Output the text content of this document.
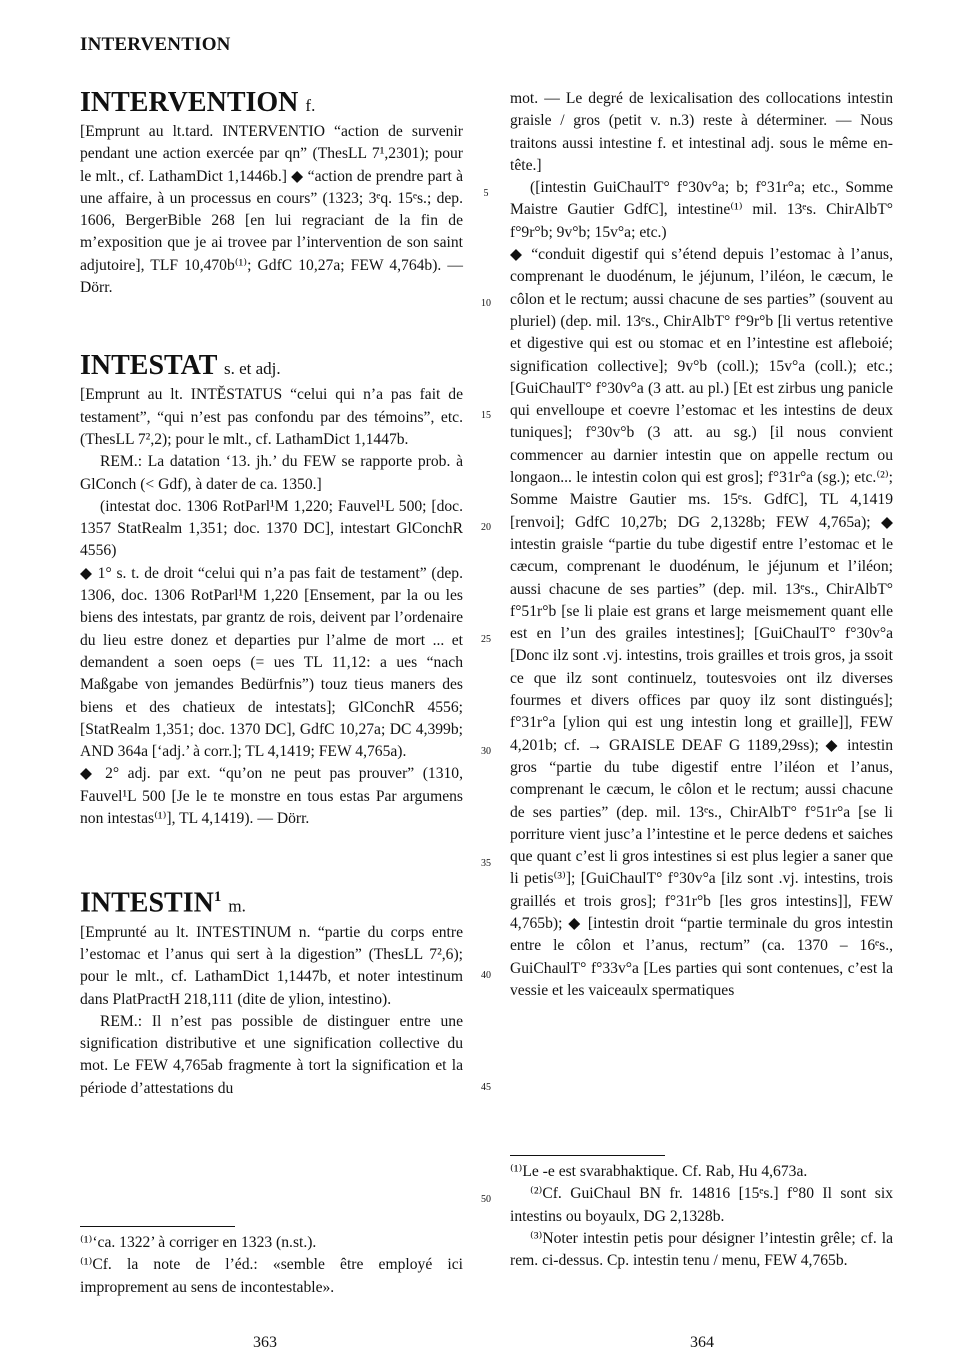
INTERVENTION

INTERVENTION f.

[Emprunt au lt.tard. INTERVENTIO “action de survenir pendant une action exercée par qn” (ThesLL 7¹,2301); pour le mlt., cf. LathamDict 1,1446b.] ◆ “action de prendre part à une affaire, à un processus en cours” (1323; 3ᵉq. 15ᵉs.; dep. 1606, BergerBible 268 [en lui regraciant de la fin de m’exposition que je ai trovee par l’intervention de son saint adjutoire], TLF 10,470b⁽¹⁾; GdfC 10,27a; FEW 4,764b). — Dörr.

INTESTAT s. et adj.

[Emprunt au lt. INTĔSTATUS “celui qui n’a pas fait de testament”, “qui n’est pas confondu par des témoins”, etc. (ThesLL 7²,2); pour le mlt., cf. LathamDict 1,1447b.

REM.: La datation ‘13. jh.’ du FEW se rapporte prob. à GlConch (< Gdf), à dater de ca. 1350.]

(intestat doc. 1306 RotParl¹M 1,220; Fauvel¹L 500; [doc. 1357 StatRealm 1,351; doc. 1370 DC], intestart GlConchR 4556)

◆ 1° s. t. de droit “celui qui n’a pas fait de testament” (dep. 1306, doc. 1306 RotParl¹M 1,220 [Ensement, par la ou les biens des intestats, par grantz de rois, deivent par l’ordenaire du lieu estre donez et departies pur l’alme de mort ... et demandent a soen oeps (= ues TL 11,12: a ues “nach Maßgabe von jemandes Bedürfnis”) touz tieus maners des biens et des chatieux de intestats]; GlConchR 4556; [StatRealm 1,351; doc. 1370 DC], GdfC 10,27a; DC 4,399b; AND 364a [‘adj.’ à corr.]; TL 4,1419; FEW 4,765a).

◆ 2° adj. par ext. “qu’on ne peut pas prouver” (1310, Fauvel¹L 500 [Je le te monstre en tous estas Par argumens non intestas⁽¹⁾], TL 4,1419). — Dörr.

INTESTIN$^1$ m.

[Emprunté au lt. INTESTINUM n. “partie du corps entre l’estomac et l’anus qui sert à la digestion” (ThesLL 7²,6); pour le mlt., cf. LathamDict 1,1447b, et noter intestinum dans PlatPractH 218,111 (dite de ylion, intestino).

REM.: Il n’est pas possible de distinguer entre une signification distributive et une signification collective du mot. Le FEW 4,765ab fragmente à tort la signification et la période d’attestations du

5
10
15
20
25
30
35
40
45
50

mot. — Le degré de lexicalisation des collocations intestin graisle / gros (petit v. n.3) reste à déterminer. — Nous traitons aussi intestine f. et intestinal adj. sous le même en-tête.]

([intestin GuiChaulT° f°30v°a; b; f°31r°a; etc., Somme Maistre Gautier GdfC], intestine⁽¹⁾ mil. 13ᵉs. ChirAlbT° f°9r°b; 9v°b; 15v°a; etc.)

◆ “conduit digestif qui s’étend depuis l’estomac à l’anus, comprenant le duodénum, le jéjunum, l’iléon, le cæcum, le côlon et le rectum; aussi chacune de ses parties” (souvent au pluriel) (dep. mil. 13ᵉs., ChirAlbT° f°9r°b [li vertus retentive et digestive qui est ou stomac et en l’intestine est afleboié; signification collective]; 9v°b (coll.); 15v°a (coll.); etc.; [GuiChaulT° f°30v°a (3 att. au pl.) [Et est zirbus ung panicle qui envelloupe et coevre l’estomac et les intestins de deux tuniques]; f°30v°b (3 att. au sg.) [il nous convient commencer au darnier intestin que on appelle rectum ou longaon... le intestin colon qui est gros]; f°31r°a (sg.); etc.⁽²⁾; Somme Maistre Gautier ms. 15ᵉs. GdfC], TL 4,1419 [renvoi]; GdfC 10,27b; DG 2,1328b; FEW 4,765a); ◆ intestin graisle “partie du tube digestif entre l’estomac et le cæcum, comprenant le duodénum, le jéjunum et l’iléon; aussi chacune de ses parties” (dep. mil. 13ᵉs., ChirAlbT° f°51r°b [se li plaie est grans et large meismement quant elle est en l’un des grailes intestines]; [GuiChaulT° f°30v°a [Donc ilz sont .vj. intestins, trois grailles et trois gros, ja ssoit ce que ilz sont continuelz, toutesvoies ont ilz diverses fourmes et divers offices par quoy ilz sont distingués]; f°31r°a [ylion qui est ung intestin long et graille]], FEW 4,201b; cf. → GRAISLE DEAF G 1189,29ss); ◆ intestin gros “partie du tube digestif entre l’iléon et l’anus, comprenant le cæcum, le côlon et le rectum; aussi chacune de ses parties” (dep. mil. 13ᵉs., ChirAlbT° f°51r°a [se li porriture vient jusc’a l’intestine et le perce dedens et saiches que quant c’est li gros intestines si est plus legier a saner que li petis⁽³⁾]; [GuiChaulT° f°30v°a [ilz sont .vj. intestins, trois graillés et trois gros]; f°31r°b [les gros intestins]], FEW 4,765b); ◆ [intestin droit “partie terminale du gros intestin entre le côlon et l’anus, rectum” (ca. 1370 – 16ᵉs., GuiChaulT° f°33v°a [Les parties qui sont contenues, c’est la vessie et les vaiceaulx spermatiques

⁽¹⁾‘ca. 1322’ à corriger en 1323 (n.st.).

⁽¹⁾Cf. la note de l’éd.: «semble être employé ici improprement au sens de incontestable».

⁽¹⁾Le -e est svarabhaktique. Cf. Rab, Hu 4,673a.

⁽²⁾Cf. GuiChaul BN fr. 14816 [15ᵉs.] f°80 Il sont six intestins ou boyaulx, DG 2,1328b.

⁽³⁾Noter intestin petis pour désigner l’intestin grêle; cf. la rem. ci-dessus. Cp. intestin tenu / menu, FEW 4,765b.

363	364
